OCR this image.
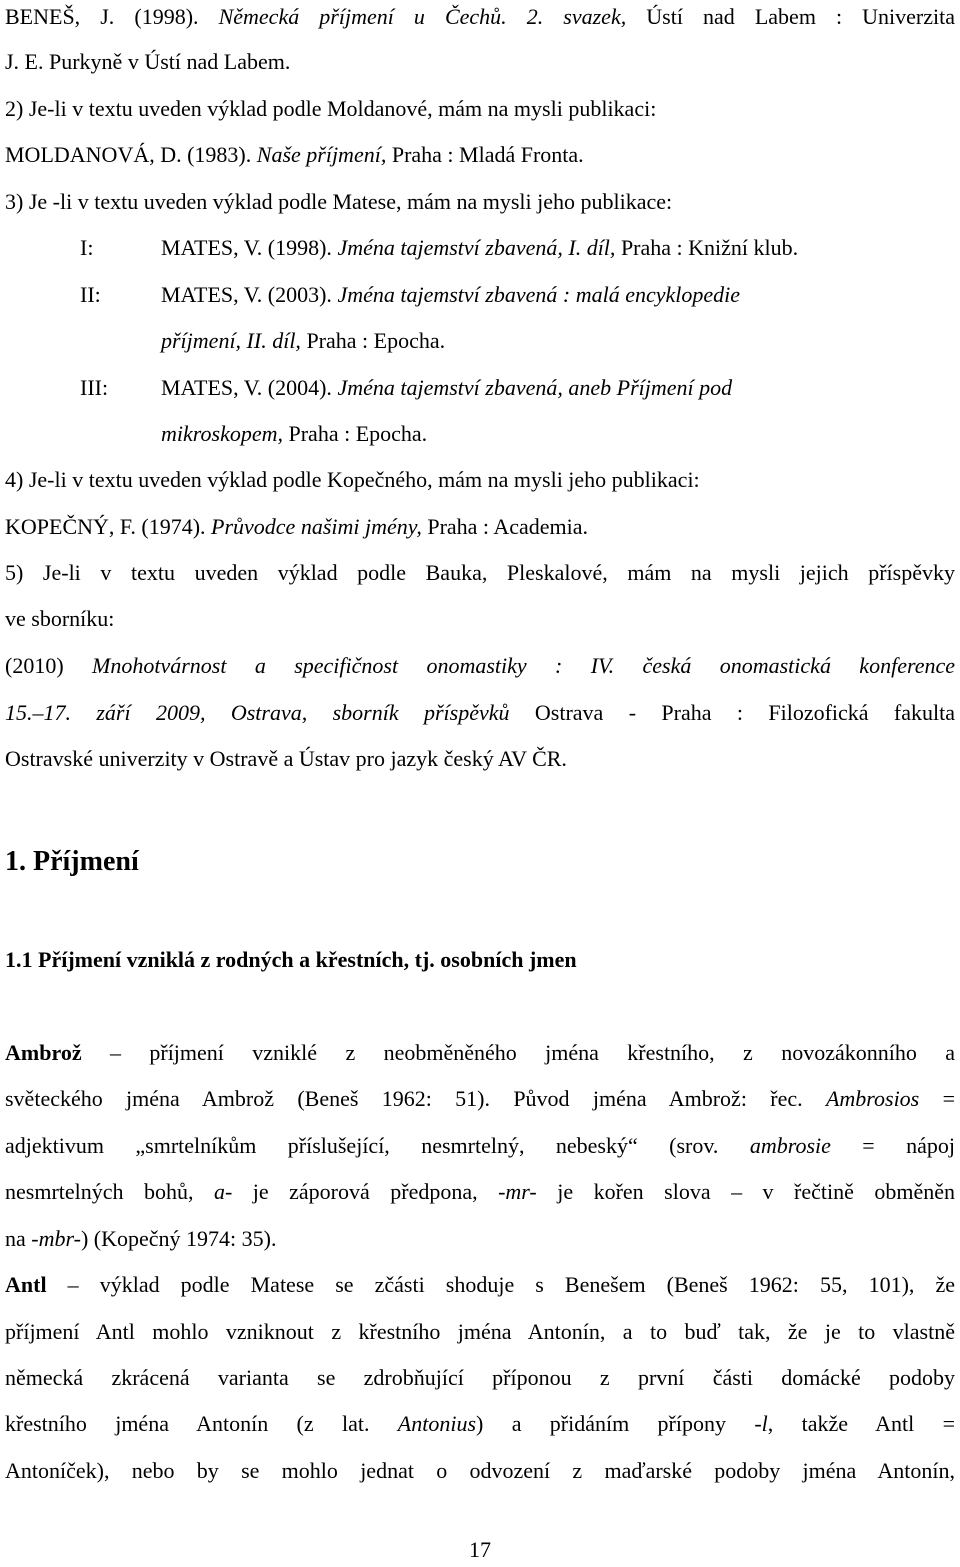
BENEŠ, J. (1998). Německá příjmení u Čechů. 2. svazek, Ústí nad Labem : Univerzita
J. E. Purkyně v Ústí nad Labem.
2) Je-li v textu uveden výklad podle Moldanové, mám na mysli publikaci:
MOLDANOVÁ, D. (1983). Naše příjmení, Praha : Mladá Fronta.
3) Je -li v textu uveden výklad podle Matese, mám na mysli jeho publikace:
I:	MATES, V. (1998). Jména tajemství zbavená, I. díl, Praha : Knižní klub.
II:	MATES, V. (2003). Jména tajemství zbavená : malá encyklopedie
příjmení, II. díl, Praha : Epocha.
III: MATES, V. (2004). Jména tajemství zbavená, aneb Příjmení pod
mikroskopem, Praha : Epocha.
4) Je-li v textu uveden výklad podle Kopečného, mám na mysli jeho publikaci:
KOPEČNÝ, F. (1974). Průvodce našimi jmény, Praha : Academia.
5) Je-li v textu uveden výklad podle Bauka, Pleskalové, mám na mysli jejich příspěvky
ve sborníku:
(2010) Mnohotvárnost a specifičnost onomastiky : IV. česká onomastická konference
15.–17. září 2009, Ostrava, sborník příspěvků Ostrava - Praha : Filozofická fakulta
Ostravské univerzity v Ostravě a Ústav pro jazyk český AV ČR.
1. Příjmení
1.1 Příjmení vzniklá z rodných a křestních, tj. osobních jmen
Ambrož – příjmení vzniklé z neobměněného jména křestního, z novozákonního a
světeckého jména Ambrož (Beneš 1962: 51). Původ jména Ambrož: řec. Ambrosios =
adjektivum „smrtelníkům příslušející, nesmrtelný, nebeský“ (srov. ambrosie = nápoj
nesmrtelných bohů, a- je záporová předpona, -mr- je kořen slova – v řečtině obměněn
na -mbr-) (Kopečný 1974: 35).
Antl – výklad podle Matese se zčásti shoduje s Benešem (Beneš 1962: 55, 101), že
příjmení Antl mohlo vzniknout z křestního jména Antonín, a to buď tak, že je to vlastně
německá zkrácená varianta se zdrobňující příponou z první části domácké podoby
křestního jména Antonín (z lat. Antonius) a přidáním přípony -l, takže Antl =
Antoníček), nebo by se mohlo jednat o odvození z maďarské podoby jména Antonín,
17
